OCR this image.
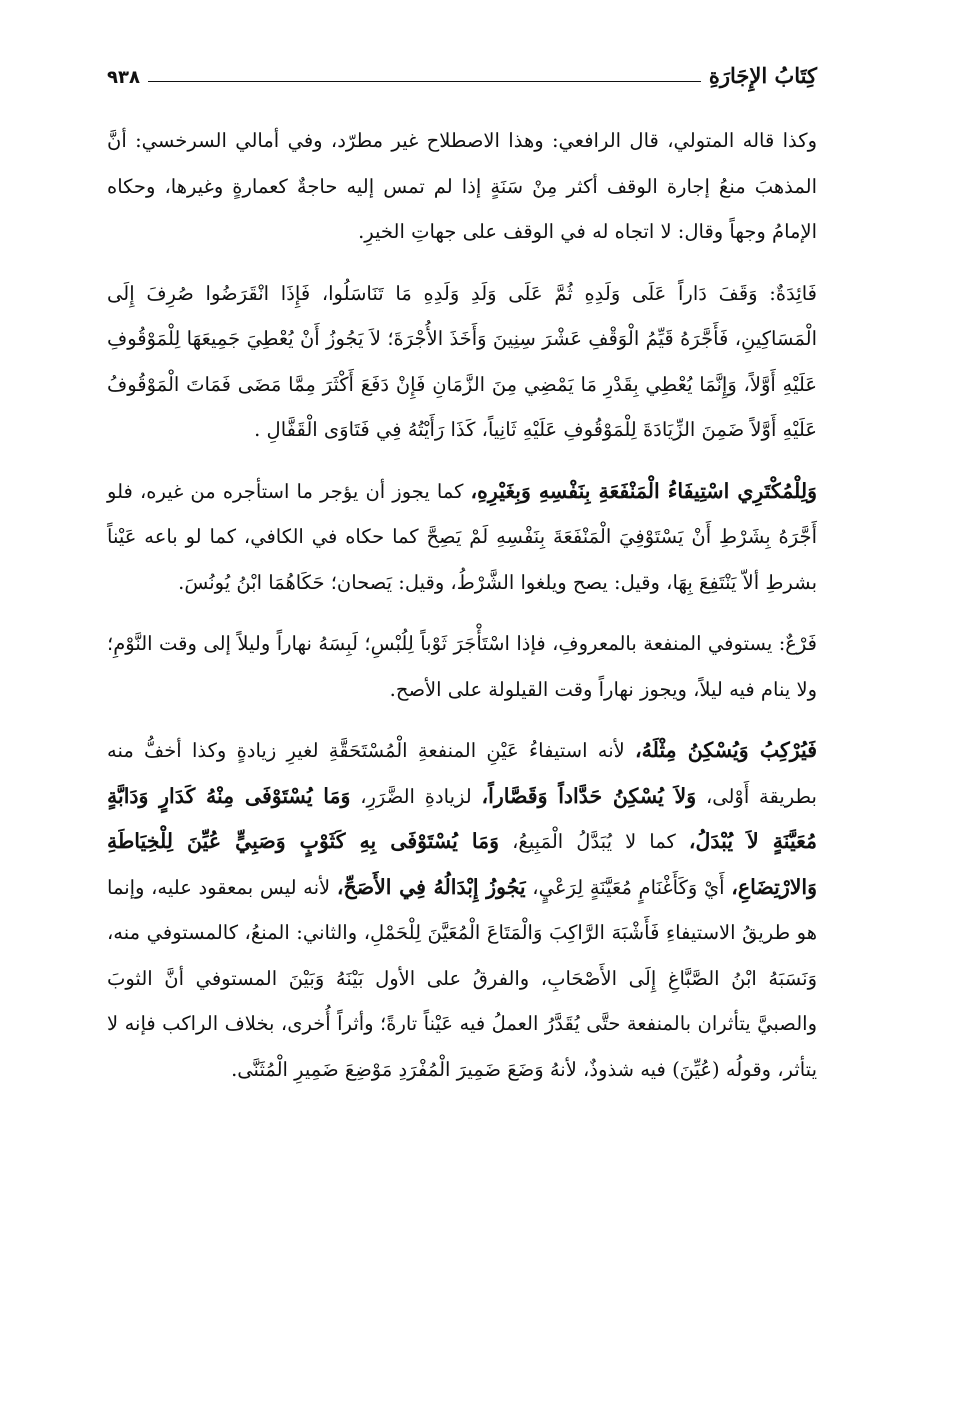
كِتَابُ الإِجَارَةِ
٩٣٨

وكذا قاله المتولي، قال الرافعي: وهذا الاصطلاح غير مطرّد، وفي أمالي السرخسي: أنَّ المذهبَ منعُ إجارة الوقف أكثر مِنْ سَنَةٍ إذا لم تمس إليه حاجةٌ كعمارةٍ وغيرها، وحكاه الإمامُ وجهاً وقال: لا اتجاه له في الوقف على جهاتِ الخيرِ.

فَائِدَةٌ: وَقَفَ دَاراً عَلَى وَلَدِهِ ثُمَّ عَلَى وَلَدِ وَلَدِهِ مَا تَنَاسَلُوا، فَإِذَا انْقَرَضُوا صُرِفَ إِلَى الْمَسَاكِينِ، فَأَجَّرَهُ قَيِّمُ الْوَقْفِ عَشْرَ سِنِينَ وَأَخَذَ الأُجْرَةَ؛ لاَ يَجُوزُ أَنْ يُعْطِيَ جَمِيعَهَا لِلْمَوْقُوفِ عَلَيْهِ أَوَّلاً، وَإِنَّمَا يُعْطِي بِقَدْرِ مَا يَمْضِي مِنَ الزَّمَانِ فَإِنْ دَفَعَ أَكْثَرَ مِمَّا مَضَى فَمَاتَ الْمَوْقُوفُ عَلَيْهِ أَوَّلاً ضَمِنَ الزِّيَادَةَ لِلْمَوْقُوفِ عَلَيْهِ ثَانِياً، كَذَا رَأَيْتُهُ فِي فَتَاوَى الْقَفَّالِ .

وَلِلْمُكْتَرِي اسْتِيفَاءُ الْمَنْفَعَةِ بِنَفْسِهِ وَبِغَيْرِهِ، كما يجوز أن يؤجر ما استأجره من غيره، فلو أَجَّرَهُ بِشَرْطِ أَنْ يَسْتَوْفِيَ الْمَنْفَعَةَ بِنَفْسِهِ لَمْ يَصِحَّ كما حكاه في الكافي، كما لو باعه عَيْناً بشرطِ ألاّ يَنْتَفِعَ بِهَا، وقيل: يصح ويلغوا الشَّرْطُ، وقيل: يَصحان؛ حَكَاهُمَا ابْنُ يُونُسَ.

فَرْعٌ: يستوفي المنفعة بالمعروفِ، فإذا اسْتَأْجَرَ ثَوْباً لِلُبْسِ؛ لَبِسَهُ نهاراً وليلاً إلى وقت النَّوْمِ؛ ولا ينام فيه ليلاً، ويجوز نهاراً وقت القيلولة على الأصح.

فَيُرْكِبُ وَيُسْكِنُ مِثْلَهُ، لأنه استيفاءُ عَيْنِ المنفعةِ الْمُسْتَحَقَّةِ لغيرِ زيادةٍ وكذا أخفُّ منه بطريقة أَوْلى، وَلاَ يُسْكِنُ حَدَّاداً وَقَصَّاراً، لزيادةِ الضَّرَرِ، وَمَا يُسْتَوْفَى مِنْهُ كَدَارٍ وَدَابَّةٍ مُعَيَّنَةٍ لاَ يُبْدَلُ، كما لا يُبَدَّلُ الْمَبِيعُ، وَمَا يُسْتَوْفَى بِهِ كَثَوْبٍ وَصَبِيٍّ عُيِّنَ لِلْخِيَاطَةِ وَالارْتِضَاعِ، أَيْ وَكَأَغْنَامٍ مُعَيَّنَةٍ لِرَعْيٍ، يَجُوزُ إِبْدَالُهُ فِي الأَصَحِّ، لأنه ليس بمعقود عليه، وإنما هو طريقُ الاستيفاءِ فَأَشْبَهَ الرَّاكِبَ وَالْمَتَاعَ الْمُعَيَّنَ لِلْحَمْلِ، والثاني: المنعُ، كالمستوفي منه، وَنَسَبَهُ ابْنُ الصَّبَّاغِ إِلَى الأَصْحَابِ، والفرقُ على الأول بَيْنَهُ وَبَيْنَ المستوفي أنَّ الثوبَ والصبيَّ يتأثران بالمنفعة حتَّى يُقَدَّرُ العملُ فيه عَيْناً تارةً؛ وأثراً أُخرى، بخلاف الراكب فإنه لا يتأثر، وقولُه (عُيِّنَ) فيه شذوذٌ، لأنهُ وَضَعَ ضَمِيرَ الْمُفْرَدِ مَوْضِعَ ضَمِيرِ الْمُثَنَّى.
